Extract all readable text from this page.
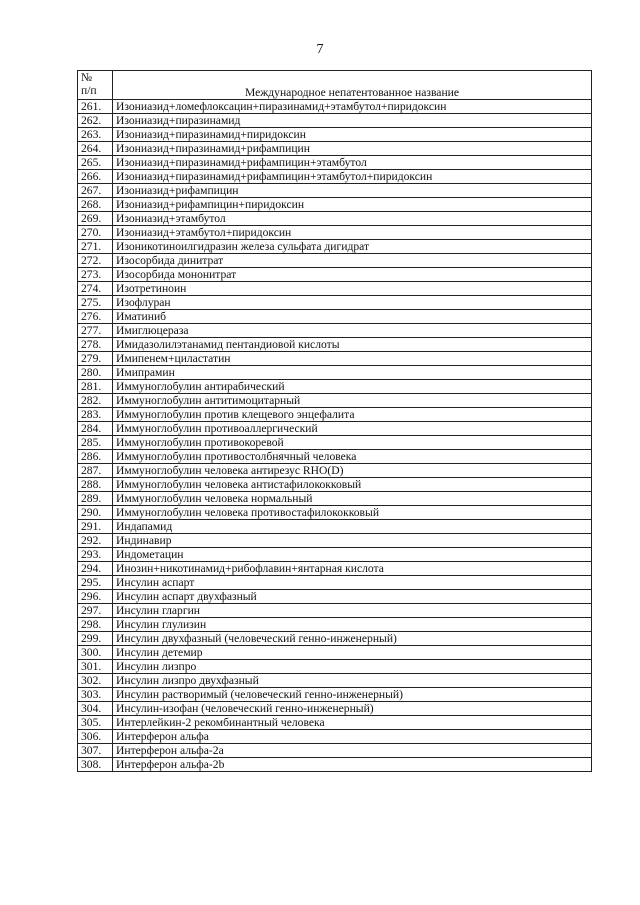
7
№
п/п	Международное непатентованное название
261.	Изониазид+ломефлоксацин+пиразинамид+этамбутол+пиридоксин
262.	Изониазид+пиразинамид
263.	Изониазид+пиразинамид+пиридоксин
264.	Изониазид+пиразинамид+рифампицин
265.	Изониазид+пиразинамид+рифампицин+этамбутол
266.	Изониазид+пиразинамид+рифампицин+этамбутол+пиридоксин
267.	Изониазид+рифампицин
268.	Изониазид+рифампицин+пиридоксин
269.	Изониазид+этамбутол
270.	Изониазид+этамбутол+пиридоксин
271.	Изоникотиноилгидразин железа сульфата дигидрат
272.	Изосорбида динитрат
273.	Изосорбида мононитрат
274.	Изотретиноин
275.	Изофлуран
276.	Иматиниб
277.	Имиглюцераза
278.	Имидазолилэтанамид пентандиовой кислоты
279.	Имипенем+циластатин
280.	Имипрамин
281.	Иммуноглобулин антирабический
282.	Иммуноглобулин антитимоцитарный
283.	Иммуноглобулин против клещевого энцефалита
284.	Иммуноглобулин противоаллергический
285.	Иммуноглобулин противокоревой
286.	Иммуноглобулин противостолбнячный человека
287.	Иммуноглобулин человека антирезус RHO(D)
288.	Иммуноглобулин человека антистафилококковый
289.	Иммуноглобулин человека нормальный
290.	Иммуноглобулин человека противостафилококковый
291.	Индапамид
292.	Индинавир
293.	Индометацин
294.	Инозин+никотинамид+рибофлавин+янтарная кислота
295.	Инсулин аспарт
296.	Инсулин аспарт двухфазный
297.	Инсулин гларгин
298.	Инсулин глулизин
299.	Инсулин двухфазный (человеческий генно-инженерный)
300.	Инсулин детемир
301.	Инсулин лизпро
302.	Инсулин лизпро двухфазный
303.	Инсулин растворимый (человеческий генно-инженерный)
304.	Инсулин-изофан (человеческий генно-инженерный)
305.	Интерлейкин-2 рекомбинантный человека
306.	Интерферон альфа
307.	Интерферон альфа-2а
308.	Интерферон альфа-2b
